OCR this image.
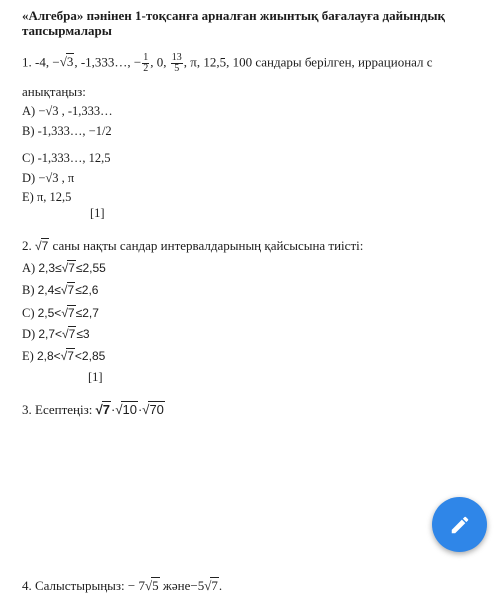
«Алгебра» пәнінен 1-тоқсанға арналған жиынтық бағалауға дайындық тапсырмалары
1. -4, −√3, -1,333…, − $\frac{1}{2}$ , 0, $\frac{13}{5}$ , π, 12,5, 100 сандары берілген, иррационал с
анықтаңыз:
A) −√3 , -1,333…
B) -1,333…, −1/2
C) -1,333…, 12,5
D) −√3 , π
E) π, 12,5
[1]
2. √7 саны нақты сандар интервалдарының қайсысына тиісті:
A) 2,3≤√7≤2,55
B) 2,4≤√7≤2,6
C) 2,5<√7≤2,7
D) 2,7<√7≤3
E) 2,8<√7<2,85
[1]
3. Есептеңіз: √7·√10·√70
4. Салыстырыңыз: − 7√5 және−5√7.
